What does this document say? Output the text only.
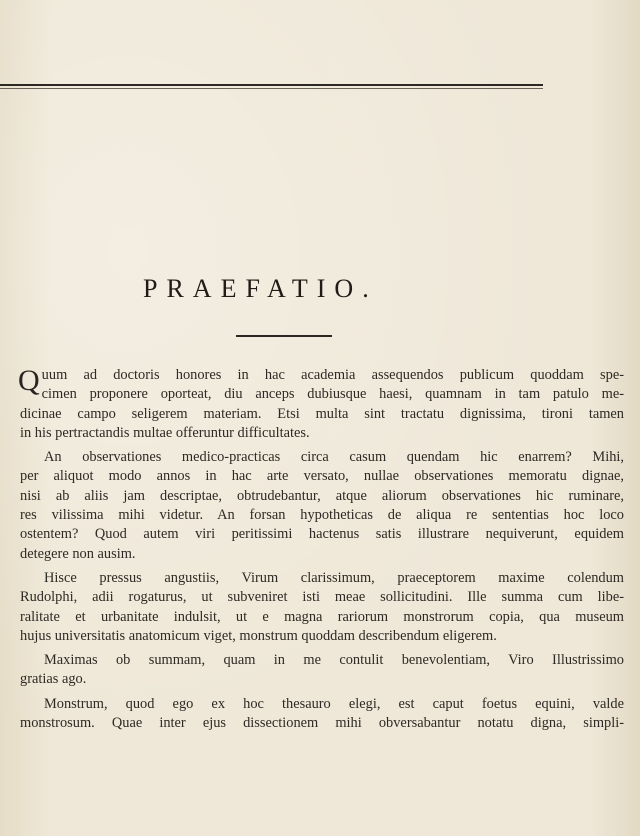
PRAEFATIO.
Q uum ad doctoris honores in hac academia assequendos publicum quoddam spe-
cimen proponere oporteat, diu anceps dubiusque haesi, quamnam in tam patulo me-
dicinae campo seligerem materiam. Etsi multa sint tractatu dignissima, tironi tamen
in his pertractandis multae offeruntur difficultates.
An observationes medico-practicas circa casum quendam hic enarrem? Mihi,
per aliquot modo annos in hac arte versato, nullae observationes memoratu dignae,
nisi ab aliis jam descriptae, obtrudebantur, atque aliorum observationes hic ruminare,
res vilissima mihi videtur. An forsan hypotheticas de aliqua re sententias hoc loco
ostentem? Quod autem viri peritissimi hactenus satis illustrare nequiverunt, equidem
detegere non ausim.
Hisce pressus angustiis, Virum clarissimum, praeceptorem maxime colendum
Rudolphi, adii rogaturus, ut subveniret isti meae sollicitudini. Ille summa cum libe-
ralitate et urbanitate indulsit, ut e magna rariorum monstrorum copia, qua museum
hujus universitatis anatomicum viget, monstrum quoddam describendum eligerem.
Maximas ob summam, quam in me contulit benevolentiam, Viro Illustrissimo
gratias ago.
Monstrum, quod ego ex hoc thesauro elegi, est caput foetus equini, valde
monstrosum. Quae inter ejus dissectionem mihi obversabantur notatu digna, simpli-
